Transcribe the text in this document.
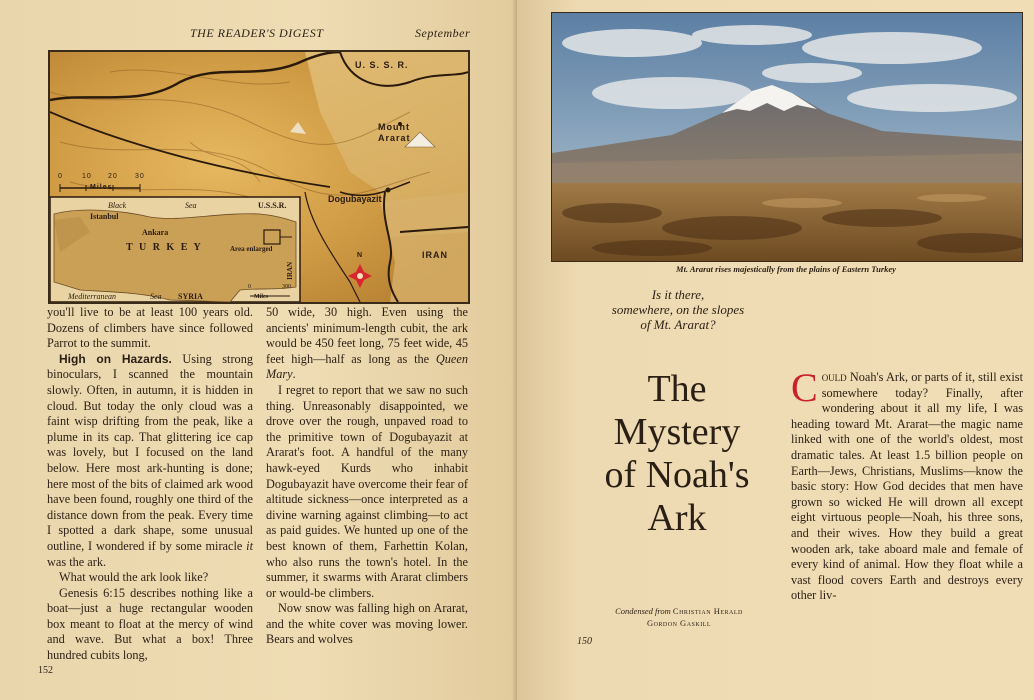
THE READER'S DIGEST	September
U. S. S. R.
Mount
Ararat
Dogubayazit
IRAN
N
0	10 20 30
Miles
Black	Sea
Istanbul
Ankara
T U R K E Y
U.S.S.R.
Area enlarged
IRAN
Mediterranean	Sea SYRIA
0	300
Miles

you'll live to be at least 100 years old. Dozens of climbers have since followed Parrot to the summit.

High on Hazards. Using strong binoculars, I scanned the mountain slowly. Often, in autumn, it is hidden in cloud. But today the only cloud was a faint wisp drifting from the peak, like a plume in its cap. That glittering ice cap was lovely, but I focused on the land below. Here most ark-hunting is done; here most of the bits of claimed ark wood have been found, roughly one third of the distance down from the peak. Every time I spotted a dark shape, some unusual outline, I wondered if by some miracle it was the ark.

What would the ark look like?

Genesis 6:15 describes nothing like a boat—just a huge rectangular wooden box meant to float at the mercy of wind and wave. But what a box! Three hundred cubits long,

50 wide, 30 high. Even using the ancients' minimum-length cubit, the ark would be 450 feet long, 75 feet wide, 45 feet high—half as long as the Queen Mary.

I regret to report that we saw no such thing. Unreasonably disappointed, we drove over the rough, unpaved road to the primitive town of Dogubayazit at Ararat's foot. A handful of the many hawk-eyed Kurds who inhabit Dogubayazit have overcome their fear of altitude sickness—once interpreted as a divine warning against climbing—to act as paid guides. We hunted up one of the best known of them, Farhettin Kolan, who also runs the town's hotel. In the summer, it swarms with Ararat climbers or would-be climbers.

Now snow was falling high on Ararat, and the white cover was moving lower. Bears and wolves

152
Mt. Ararat rises majestically from the plains of Eastern Turkey
Is it there,
somewhere, on the slopes
of Mt. Ararat?
The
Mystery
of Noah's
Ark
Condensed from Christian Herald
Gordon Gaskill
150
Could Noah's Ark, or parts of it, still exist somewhere today? Finally, after wondering about it all my life, I was heading toward Mt. Ararat—the magic name linked with one of the world's oldest, most dramatic tales. At least 1.5 billion people on Earth—Jews, Christians, Muslims—know the basic story: How God decides that men have grown so wicked He will drown all except eight virtuous people—Noah, his three sons, and their wives. How they build a great wooden ark, take aboard male and female of every kind of animal. How they float while a vast flood covers Earth and destroys every other liv-
